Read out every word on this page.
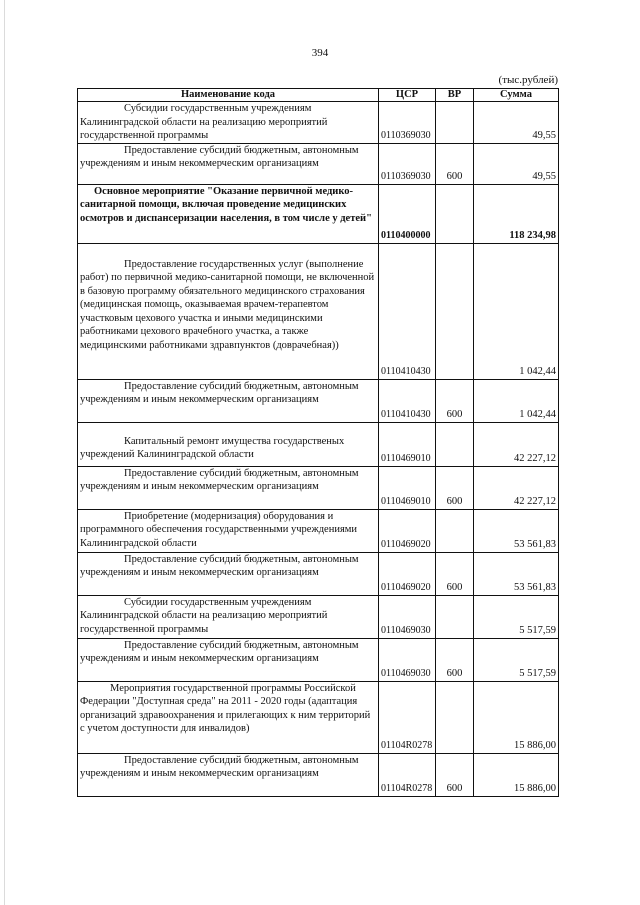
394
(тыс.рублей)
Наименование кода	ЦСР	ВР	Сумма
Субсидии государственным учреждениям Калининградской области на реализацию мероприятий государственной программы	0110369030		49,55
Предоставление субсидий бюджетным, автономным учреждениям и иным некоммерческим организациям	0110369030	600	49,55
Основное мероприятие "Оказание первичной медико-санитарной помощи, включая проведение медицинских осмотров и диспансеризации населения, в том числе у детей"	0110400000		118 234,98
Предоставление государственных услуг (выполнение работ) по первичной медико-санитарной помощи, не включенной в базовую программу обязательного медицинского страхования (медицинская помощь, оказываемая врачем-терапевтом участковым цехового участка и иными медицинскими работниками цехового врачебного участка, а также медицинскими работниками здравпунктов (доврачебная))	0110410430		1 042,44
Предоставление субсидий бюджетным, автономным учреждениям и иным некоммерческим организациям	0110410430	600	1 042,44
Капитальный ремонт имущества государственых учреждений Калининградской области	0110469010		42 227,12
Предоставление субсидий бюджетным, автономным учреждениям и иным некоммерческим организациям	0110469010	600	42 227,12
Приобретение (модернизация) оборудования и программного обеспечения государственными учреждениями Калининградской области	0110469020		53 561,83
Предоставление субсидий бюджетным, автономным учреждениям и иным некоммерческим организациям	0110469020	600	53 561,83
Субсидии государственным учреждениям Калининградской области на реализацию мероприятий государственной программы	0110469030		5 517,59
Предоставление субсидий бюджетным, автономным учреждениям и иным некоммерческим организациям	0110469030	600	5 517,59
Мероприятия государственной программы Российской Федерации "Доступная среда" на 2011 - 2020 годы (адаптация организаций здравоохранения и прилегающих к ним территорий с учетом доступности для инвалидов)	01104R0278		15 886,00
Предоставление субсидий бюджетным, автономным учреждениям и иным некоммерческим организациям	01104R0278	600	15 886,00
